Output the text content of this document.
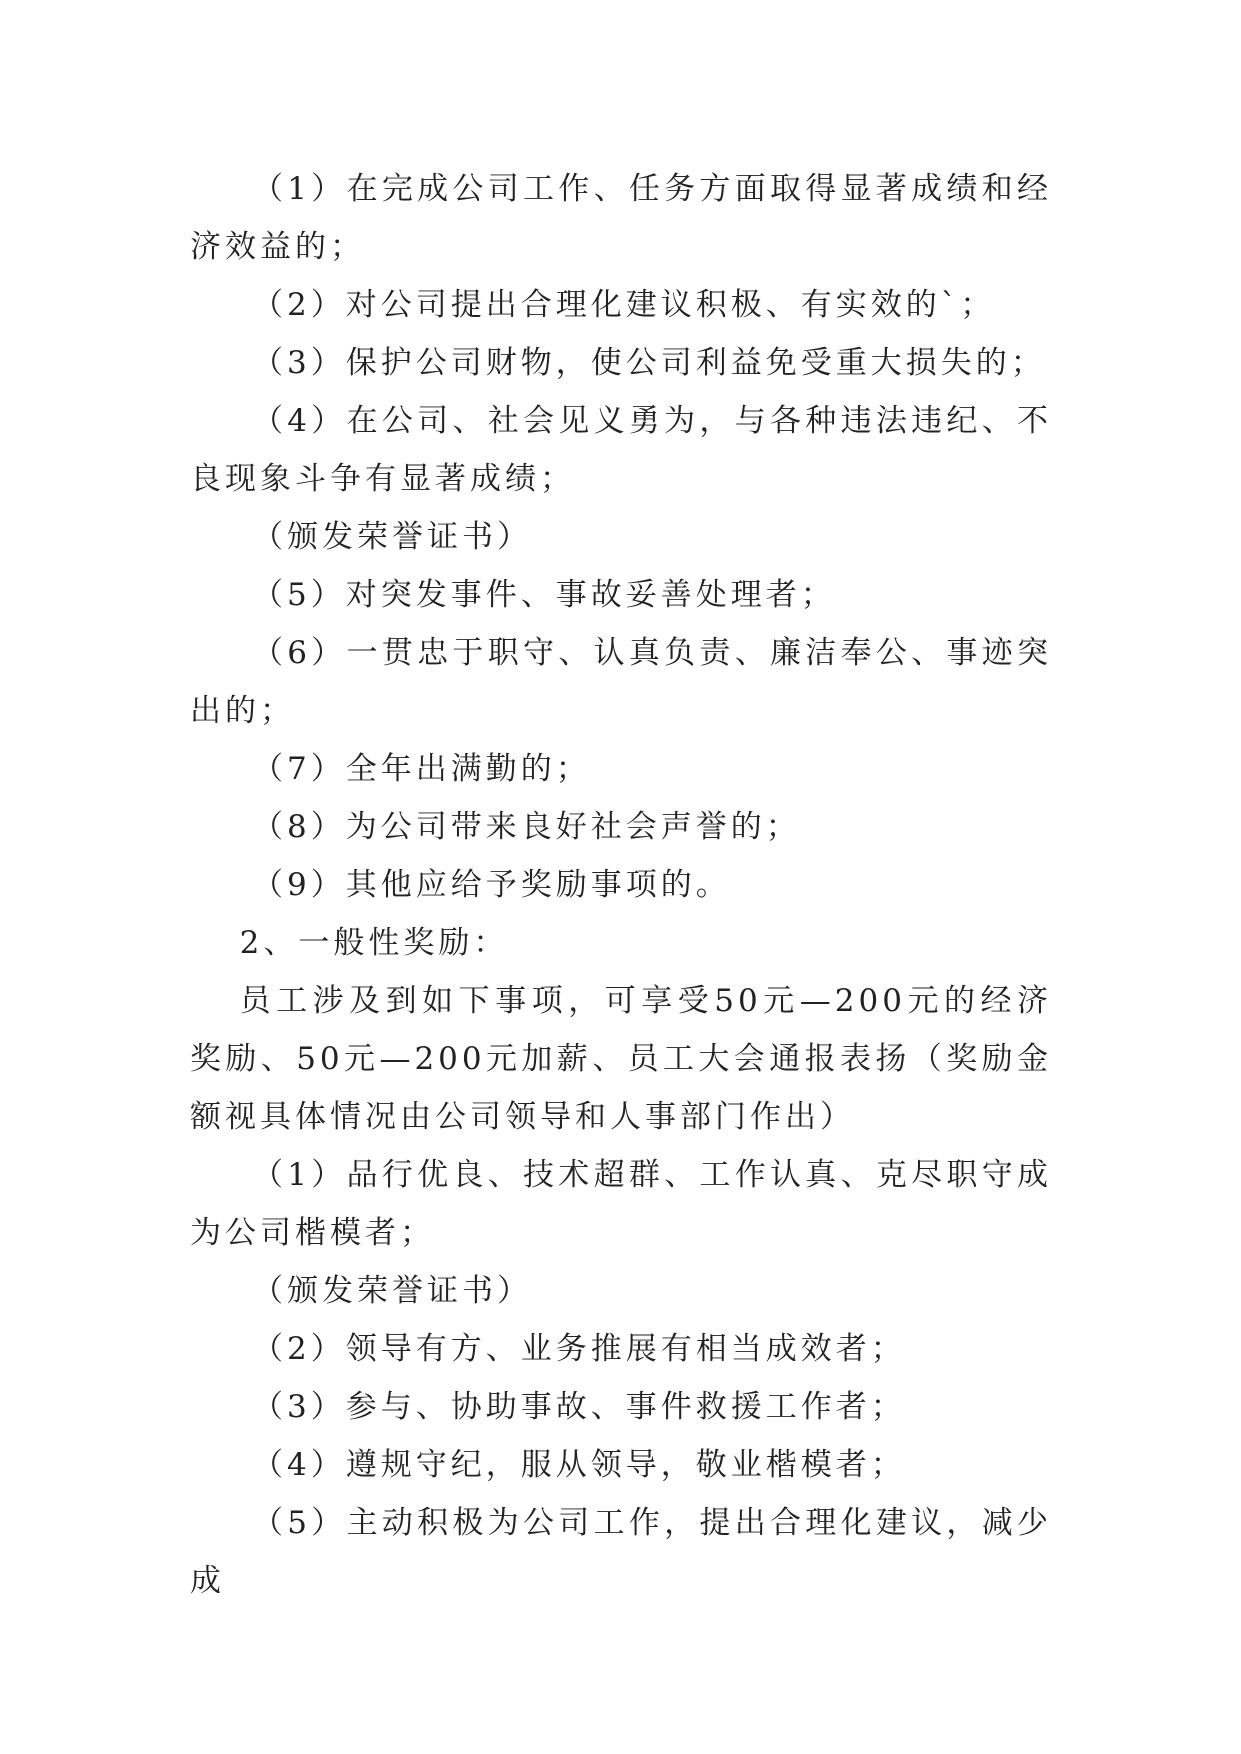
（1）在完成公司工作、任务方面取得显著成绩和经济效益的；

（2）对公司提出合理化建议积极、有实效的`；

（3）保护公司财物，使公司利益免受重大损失的；

（4）在公司、社会见义勇为，与各种违法违纪、不良现象斗争有显著成绩；

（颁发荣誉证书）

（5）对突发事件、事故妥善处理者；

（6）一贯忠于职守、认真负责、廉洁奉公、事迹突出的；

（7）全年出满勤的；

（8）为公司带来良好社会声誉的；

（9）其他应给予奖励事项的。

2、一般性奖励：

员工涉及到如下事项，可享受50元—200元的经济奖励、50元—200元加薪、员工大会通报表扬（奖励金额视具体情况由公司领导和人事部门作出）

（1）品行优良、技术超群、工作认真、克尽职守成为公司楷模者；

（颁发荣誉证书）

（2）领导有方、业务推展有相当成效者；

（3）参与、协助事故、事件救援工作者；

（4）遵规守纪，服从领导，敬业楷模者；

（5）主动积极为公司工作，提出合理化建议，减少成
